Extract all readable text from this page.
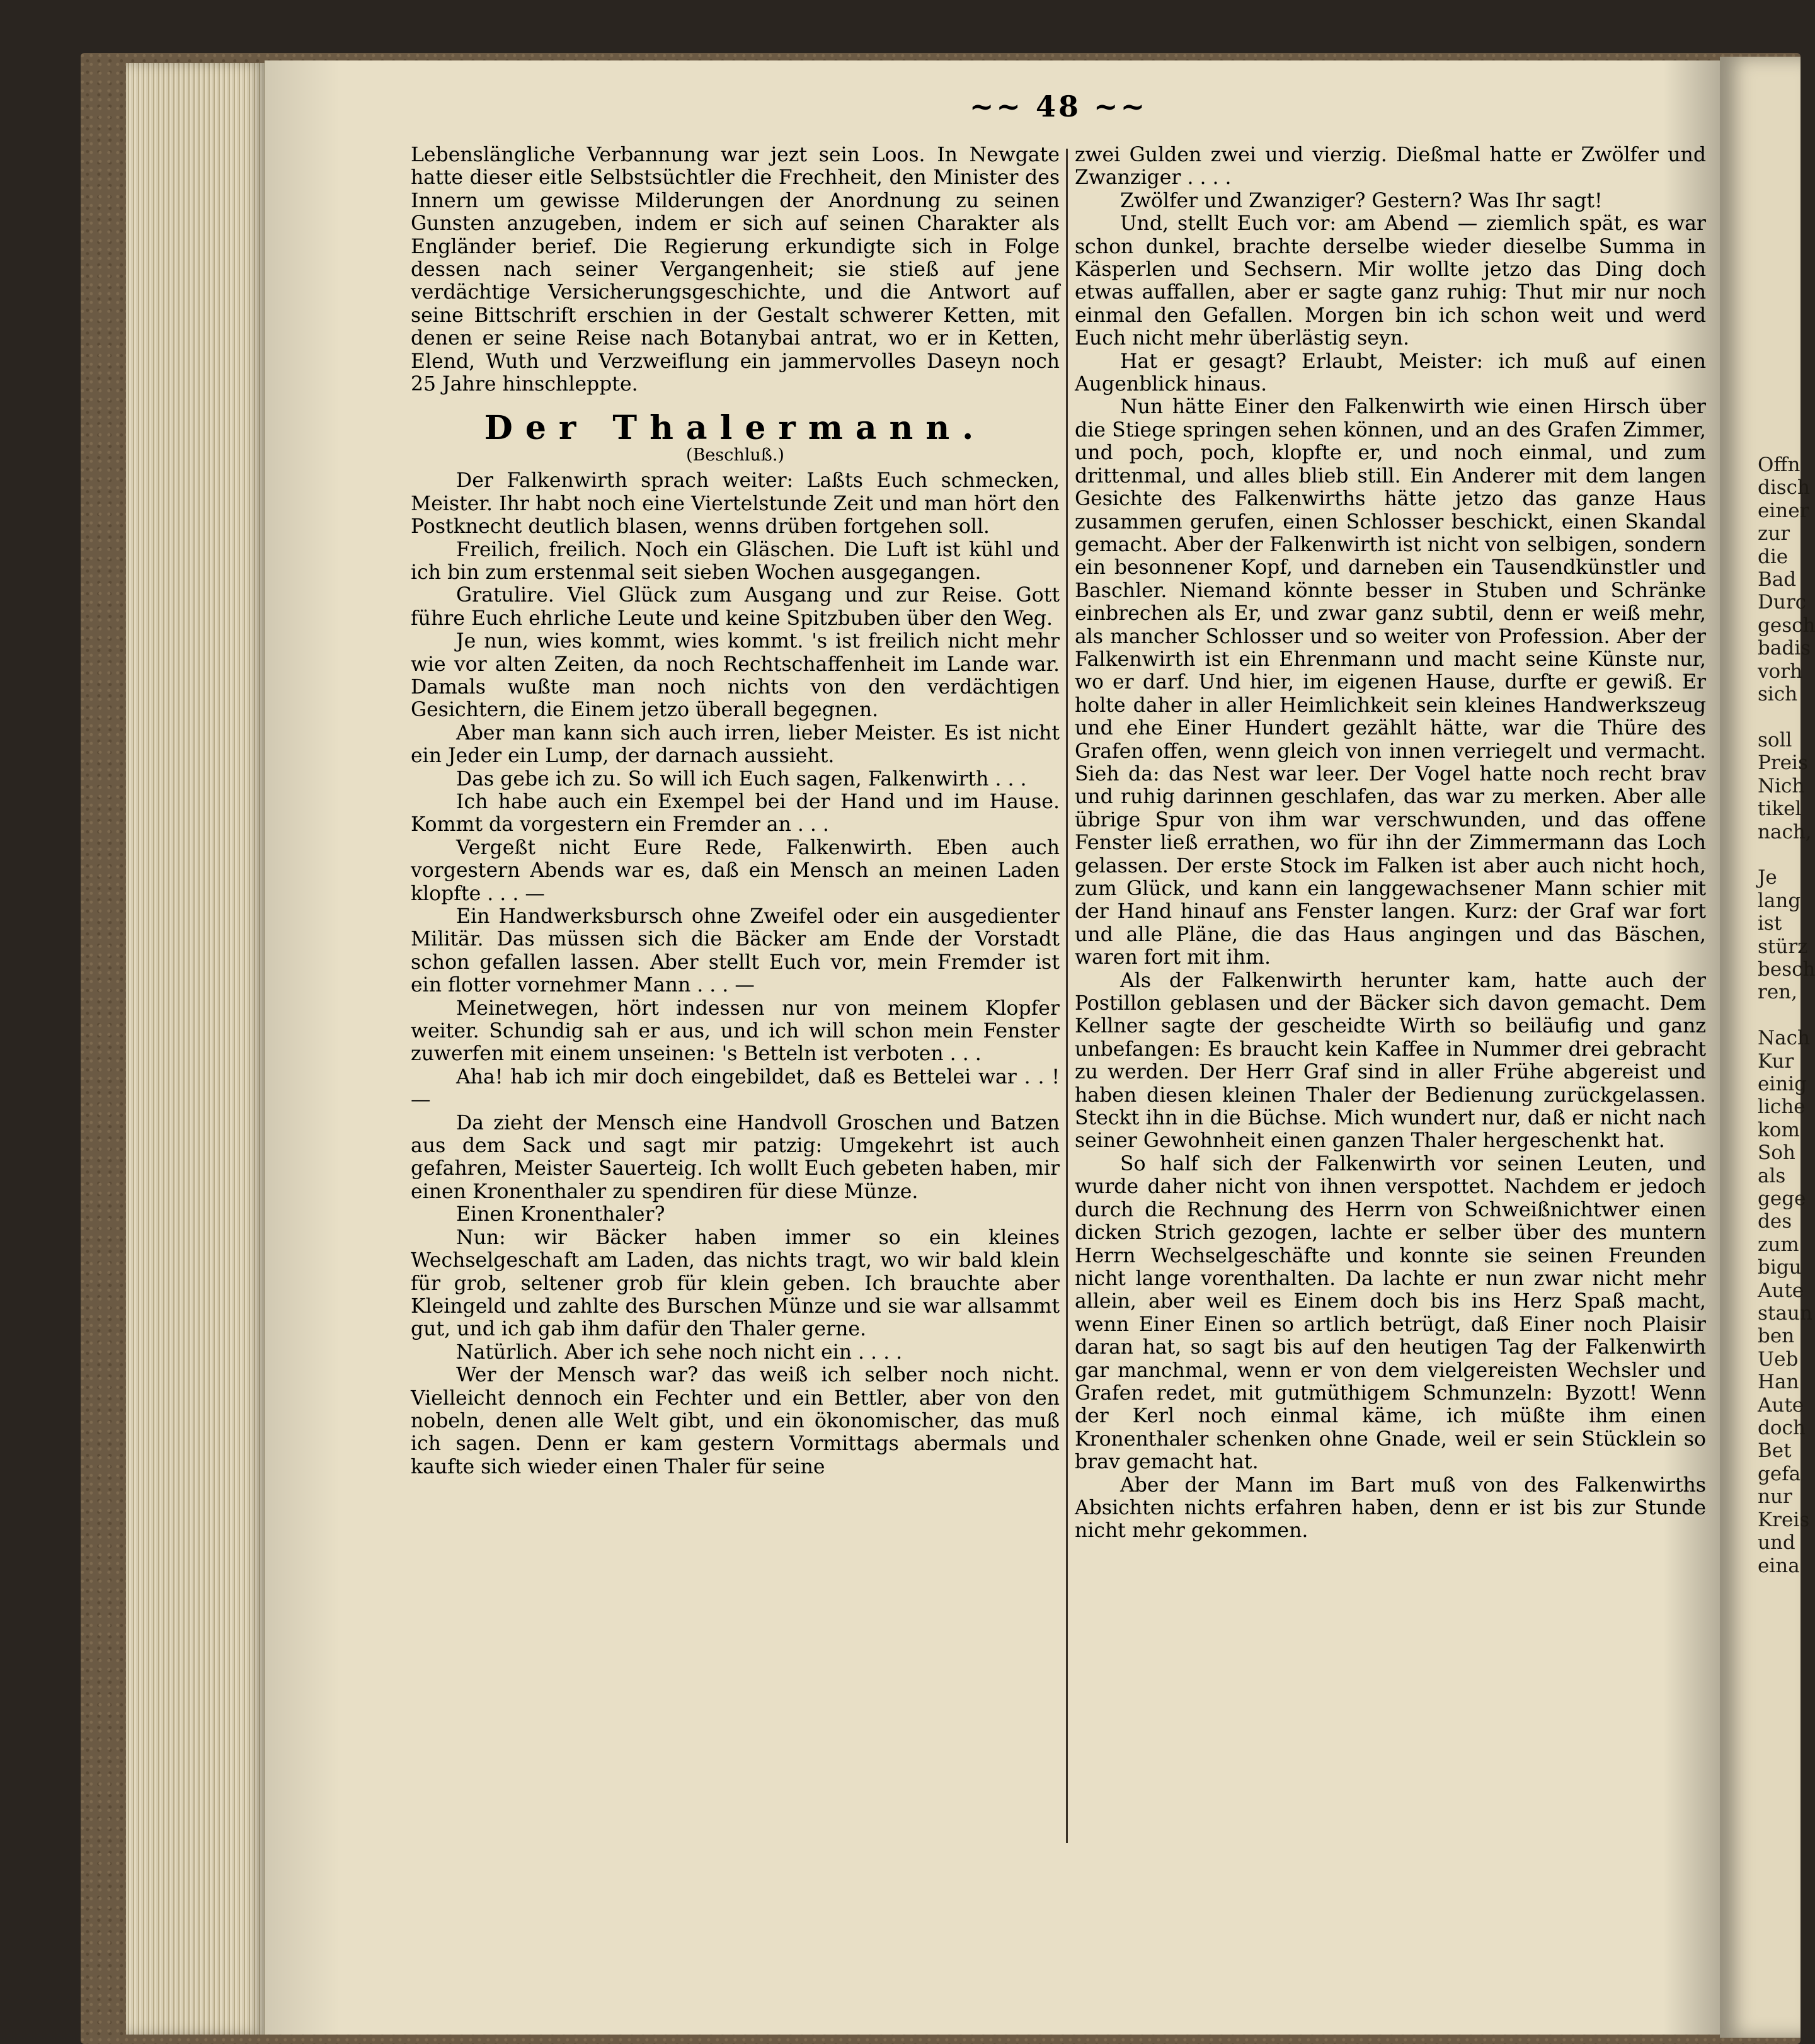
~~ 48 ~~

Lebenslängliche Verbannung war jezt sein Loos. In Newgate hatte dieser eitle Selbstsüchtler die Frechheit, den Minister des Innern um gewisse Milderungen der Anordnung zu seinen Gunsten anzugeben, indem er sich auf seinen Charakter als Engländer berief. Die Regierung erkundigte sich in Folge dessen nach seiner Vergangenheit; sie stieß auf jene verdächtige Versicherungsgeschichte, und die Antwort auf seine Bittschrift erschien in der Gestalt schwerer Ketten, mit denen er seine Reise nach Botanybai antrat, wo er in Ketten, Elend, Wuth und Verzweiflung ein jammervolles Daseyn noch 25 Jahre hinschleppte.

Der Thalermann.
(Beschluß.)

Der Falkenwirth sprach weiter: Laßts Euch schmecken, Meister. Ihr habt noch eine Viertelstunde Zeit und man hört den Postknecht deutlich blasen, wenns drüben fortgehen soll.

Freilich, freilich. Noch ein Gläschen. Die Luft ist kühl und ich bin zum erstenmal seit sieben Wochen ausgegangen.

Gratulire. Viel Glück zum Ausgang und zur Reise. Gott führe Euch ehrliche Leute und keine Spitzbuben über den Weg.

Je nun, wies kommt, wies kommt. 's ist freilich nicht mehr wie vor alten Zeiten, da noch Rechtschaffenheit im Lande war. Damals wußte man noch nichts von den verdächtigen Gesichtern, die Einem jetzo überall begegnen.

Aber man kann sich auch irren, lieber Meister. Es ist nicht ein Jeder ein Lump, der darnach aussieht.

Das gebe ich zu. So will ich Euch sagen, Falkenwirth . . .

Ich habe auch ein Exempel bei der Hand und im Hause. Kommt da vorgestern ein Fremder an . . .

Vergeßt nicht Eure Rede, Falkenwirth. Eben auch vorgestern Abends war es, daß ein Mensch an meinen Laden klopfte . . . —

Ein Handwerksbursch ohne Zweifel oder ein ausgedienter Militär. Das müssen sich die Bäcker am Ende der Vorstadt schon gefallen lassen. Aber stellt Euch vor, mein Fremder ist ein flotter vornehmer Mann . . . —

Meinetwegen, hört indessen nur von meinem Klopfer weiter. Schundig sah er aus, und ich will schon mein Fenster zuwerfen mit einem unseinen: 's Betteln ist verboten . . .

Aha! hab ich mir doch eingebildet, daß es Bettelei war . . ! —

Da zieht der Mensch eine Handvoll Groschen und Batzen aus dem Sack und sagt mir patzig: Umgekehrt ist auch gefahren, Meister Sauerteig. Ich wollt Euch gebeten haben, mir einen Kronenthaler zu spendiren für diese Münze.

Einen Kronenthaler?

Nun: wir Bäcker haben immer so ein kleines Wechselgeschaft am Laden, das nichts tragt, wo wir bald klein für grob, seltener grob für klein geben. Ich brauchte aber Kleingeld und zahlte des Burschen Münze und sie war allsammt gut, und ich gab ihm dafür den Thaler gerne.

Natürlich. Aber ich sehe noch nicht ein . . . .

Wer der Mensch war? das weiß ich selber noch nicht. Vielleicht dennoch ein Fechter und ein Bettler, aber von den nobeln, denen alle Welt gibt, und ein ökonomischer, das muß ich sagen. Denn er kam gestern Vormittags abermals und kaufte sich wieder einen Thaler für seine

zwei Gulden zwei und vierzig. Dießmal hatte er Zwölfer und Zwanziger . . . .

Zwölfer und Zwanziger? Gestern? Was Ihr sagt!

Und, stellt Euch vor: am Abend — ziemlich spät, es war schon dunkel, brachte derselbe wieder dieselbe Summa in Käsperlen und Sechsern. Mir wollte jetzo das Ding doch etwas auffallen, aber er sagte ganz ruhig: Thut mir nur noch einmal den Gefallen. Morgen bin ich schon weit und werd Euch nicht mehr überlästig seyn.

Hat er gesagt? Erlaubt, Meister: ich muß auf einen Augenblick hinaus.

Nun hätte Einer den Falkenwirth wie einen Hirsch über die Stiege springen sehen können, und an des Grafen Zimmer, und poch, poch, klopfte er, und noch einmal, und zum drittenmal, und alles blieb still. Ein Anderer mit dem langen Gesichte des Falkenwirths hätte jetzo das ganze Haus zusammen gerufen, einen Schlosser beschickt, einen Skandal gemacht. Aber der Falkenwirth ist nicht von selbigen, sondern ein besonnener Kopf, und darneben ein Tausendkünstler und Baschler. Niemand könnte besser in Stuben und Schränke einbrechen als Er, und zwar ganz subtil, denn er weiß mehr, als mancher Schlosser und so weiter von Profession. Aber der Falkenwirth ist ein Ehrenmann und macht seine Künste nur, wo er darf. Und hier, im eigenen Hause, durfte er gewiß. Er holte daher in aller Heimlichkeit sein kleines Handwerkszeug und ehe Einer Hundert gezählt hätte, war die Thüre des Grafen offen, wenn gleich von innen verriegelt und vermacht. Sieh da: das Nest war leer. Der Vogel hatte noch recht brav und ruhig darinnen geschlafen, das war zu merken. Aber alle übrige Spur von ihm war verschwunden, und das offene Fenster ließ errathen, wo für ihn der Zimmermann das Loch gelassen. Der erste Stock im Falken ist aber auch nicht hoch, zum Glück, und kann ein langgewachsener Mann schier mit der Hand hinauf ans Fenster langen. Kurz: der Graf war fort und alle Pläne, die das Haus angingen und das Bäschen, waren fort mit ihm.

Als der Falkenwirth herunter kam, hatte auch der Postillon geblasen und der Bäcker sich davon gemacht. Dem Kellner sagte der gescheidte Wirth so beiläufig und ganz unbefangen: Es braucht kein Kaffee in Nummer drei gebracht zu werden. Der Herr Graf sind in aller Frühe abgereist und haben diesen kleinen Thaler der Bedienung zurückgelassen. Steckt ihn in die Büchse. Mich wundert nur, daß er nicht nach seiner Gewohnheit einen ganzen Thaler hergeschenkt hat.

So half sich der Falkenwirth vor seinen Leuten, und wurde daher nicht von ihnen verspottet. Nachdem er jedoch durch die Rechnung des Herrn von Schweißnichtwer einen dicken Strich gezogen, lachte er selber über des muntern Herrn Wechselgeschäfte und konnte sie seinen Freunden nicht lange vorenthalten. Da lachte er nun zwar nicht mehr allein, aber weil es Einem doch bis ins Herz Spaß macht, wenn Einer Einen so artlich betrügt, daß Einer noch Plaisir daran hat, so sagt bis auf den heutigen Tag der Falkenwirth gar manchmal, wenn er von dem vielgereisten Wechsler und Grafen redet, mit gutmüthigem Schmunzeln: Byzott! Wenn der Kerl noch einmal käme, ich müßte ihm einen Kronenthaler schenken ohne Gnade, weil er sein Stücklein so brav gemacht hat.

Aber der Mann im Bart muß von des Falkenwirths Absichten nichts erfahren haben, denn er ist bis zur Stunde nicht mehr gekommen.

Offn
disch
einer
zur
die
Bad
Durc
gesch
badis
vorh
sich

soll
Preis
Nich
tikel
nach,

Je
lang
ist
stürz
besch
ren,

Nach
Kur
einig
liche
kom
Soh
als
gege
des
zum
bigu
Aute
staun
ben
Ueb
Han
Aute
doch
Bet
gefa
nur
Kreis
und
eina
